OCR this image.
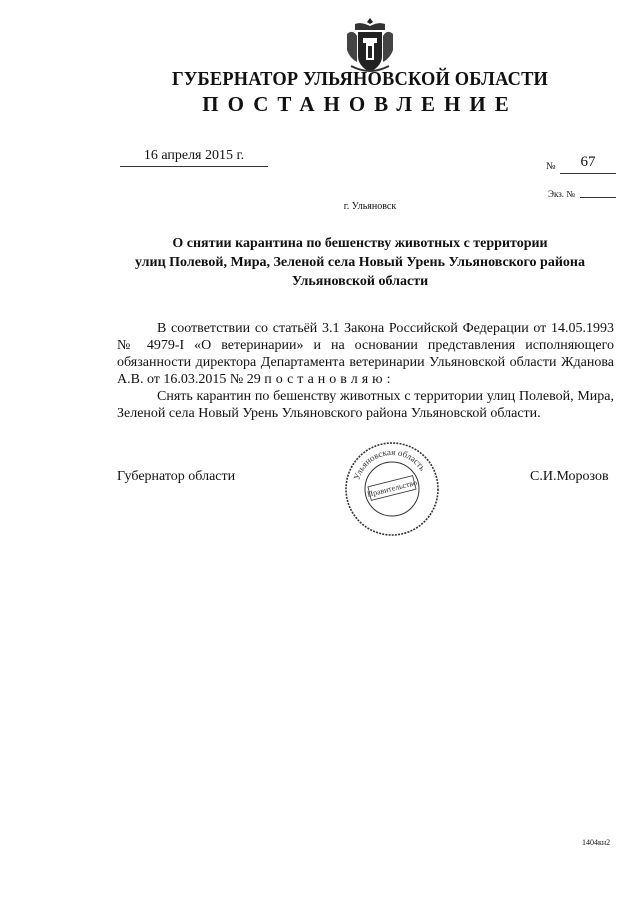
ГУБЕРНАТОР УЛЬЯНОВСКОЙ ОБЛАСТИ
ПОСТАНОВЛЕНИЕ
16 апреля 2015 г.
№	67
Экз. №
г. Ульяновск
О снятии карантина по бешенству животных с территории
улиц Полевой, Мира, Зеленой села Новый Урень Ульяновского района
Ульяновской области

В соответствии со статьёй 3.1 Закона Российской Федерации от 14.05.1993 № 4979-I «О ветеринарии» и на основании представления исполняющего обязанности директора Департамента ветеринарии Ульяновской области Жданова А.В. от 16.03.2015 № 29 постановляю:

Снять карантин по бешенству животных с территории улиц Полевой, Мира, Зеленой села Новый Урень Ульяновского района Ульяновской области.

Губернатор области	С.И.Морозов
Ульяновская область
Правительство
1404кн2
